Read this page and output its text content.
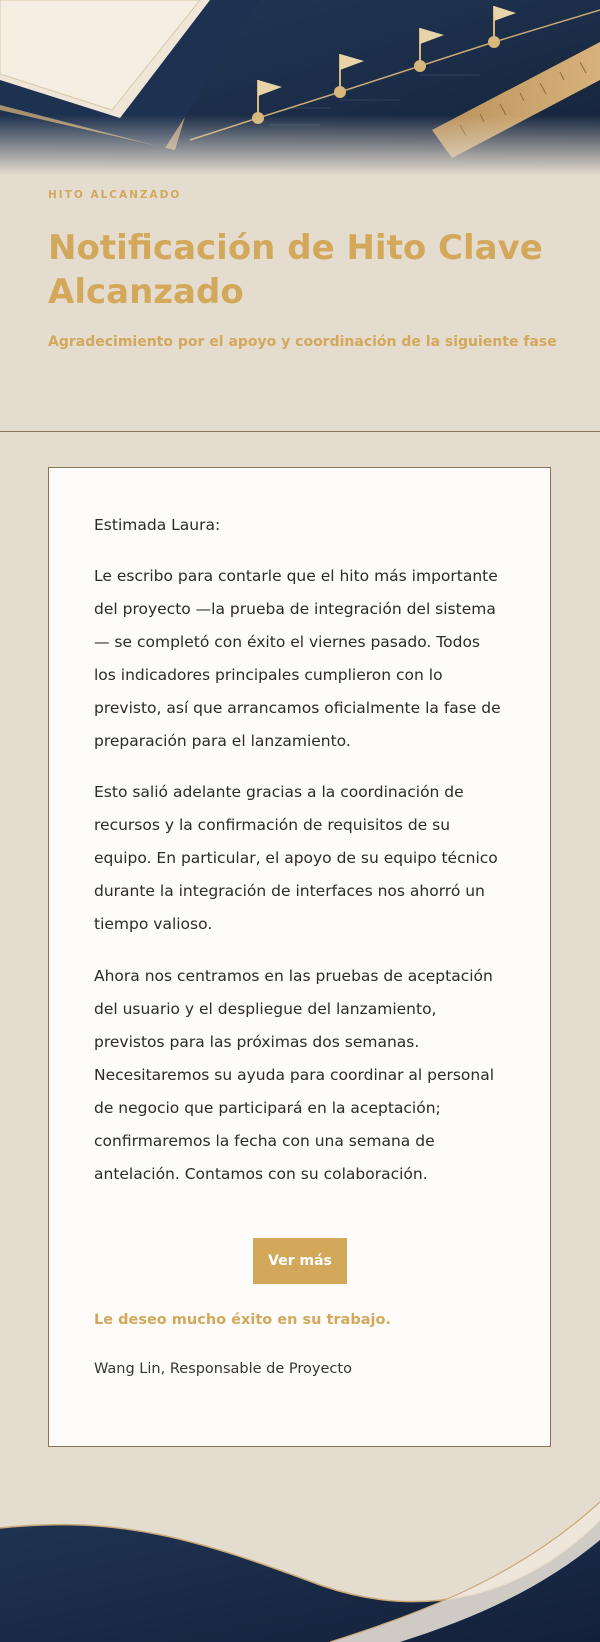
HITO ALCANZADO
Notificación de Hito Clave Alcanzado
Agradecimiento por el apoyo y coordinación de la siguiente fase
Estimada Laura:
Le escribo para contarle que el hito más importante del proyecto —la prueba de integración del sistema— se completó con éxito el viernes pasado. Todos los indicadores principales cumplieron con lo previsto, así que arrancamos oficialmente la fase de preparación para el lanzamiento.
Esto salió adelante gracias a la coordinación de recursos y la confirmación de requisitos de su equipo. En particular, el apoyo de su equipo técnico durante la integración de interfaces nos ahorró un tiempo valioso.
Ahora nos centramos en las pruebas de aceptación del usuario y el despliegue del lanzamiento, previstos para las próximas dos semanas. Necesitaremos su ayuda para coordinar al personal de negocio que participará en la aceptación; confirmaremos la fecha con una semana de antelación. Contamos con su colaboración.
Ver más
Le deseo mucho éxito en su trabajo.
Wang Lin, Responsable de Proyecto
